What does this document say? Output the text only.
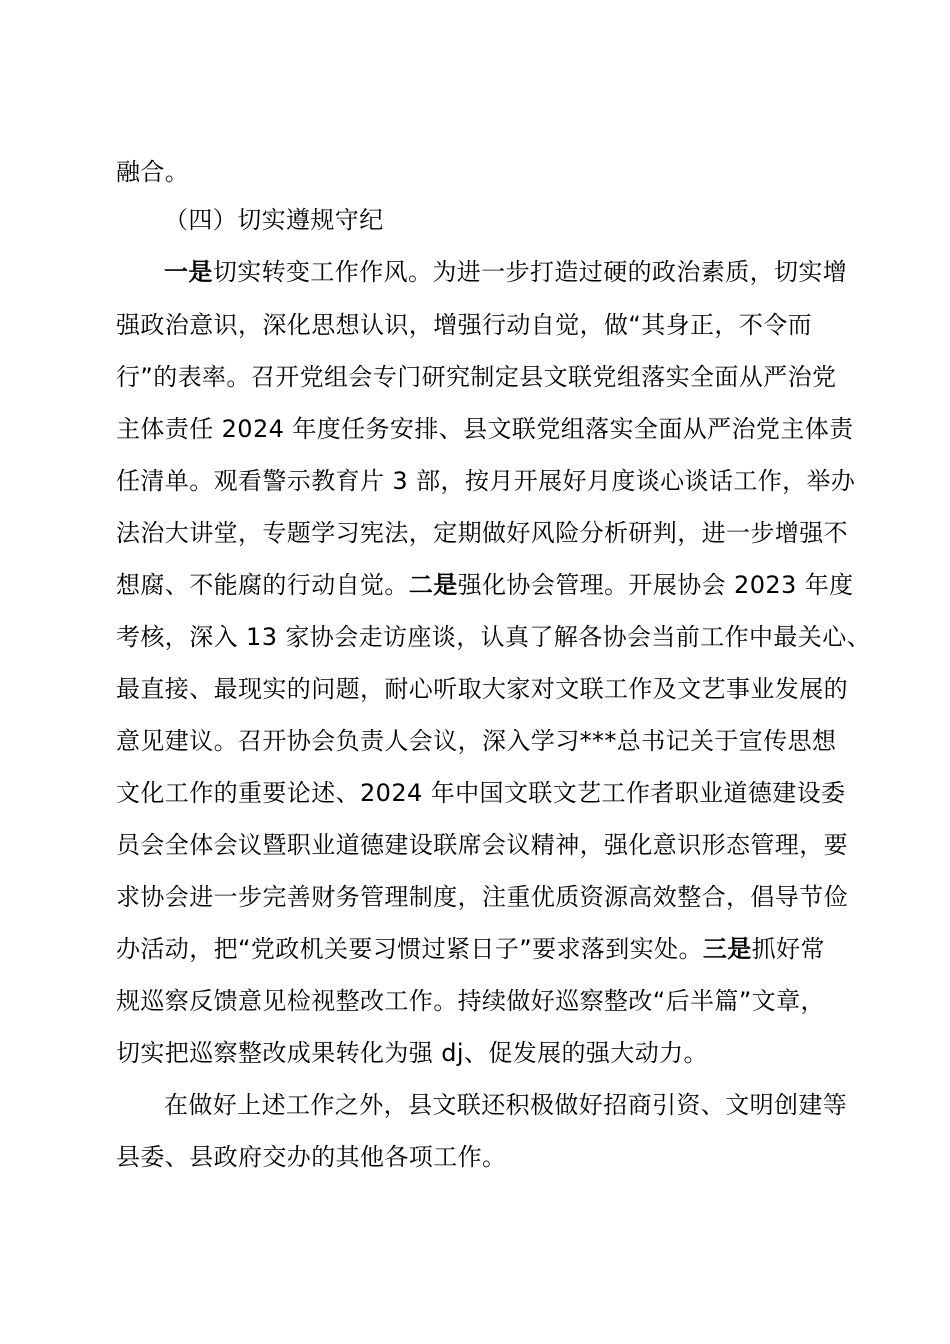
融合。
（四）切实遵规守纪
一是切实转变工作作风。为进一步打造过硬的政治素质，切实增
强政治意识，深化思想认识，增强行动自觉，做“其身正，不令而
行”的表率。召开党组会专门研究制定县文联党组落实全面从严治党
主体责任 2024 年度任务安排、县文联党组落实全面从严治党主体责
任清单。观看警示教育片 3 部，按月开展好月度谈心谈话工作，举办
法治大讲堂，专题学习宪法，定期做好风险分析研判，进一步增强不
想腐、不能腐的行动自觉。二是强化协会管理。开展协会 2023 年度
考核，深入 13 家协会走访座谈，认真了解各协会当前工作中最关心、
最直接、最现实的问题，耐心听取大家对文联工作及文艺事业发展的
意见建议。召开协会负责人会议，深入学习***总书记关于宣传思想
文化工作的重要论述、2024 年中国文联文艺工作者职业道德建设委
员会全体会议暨职业道德建设联席会议精神，强化意识形态管理，要
求协会进一步完善财务管理制度，注重优质资源高效整合，倡导节俭
办活动，把“党政机关要习惯过紧日子”要求落到实处。三是抓好常
规巡察反馈意见检视整改工作。持续做好巡察整改“后半篇”文章，
切实把巡察整改成果转化为强 dj、促发展的强大动力。
在做好上述工作之外，县文联还积极做好招商引资、文明创建等
县委、县政府交办的其他各项工作。
